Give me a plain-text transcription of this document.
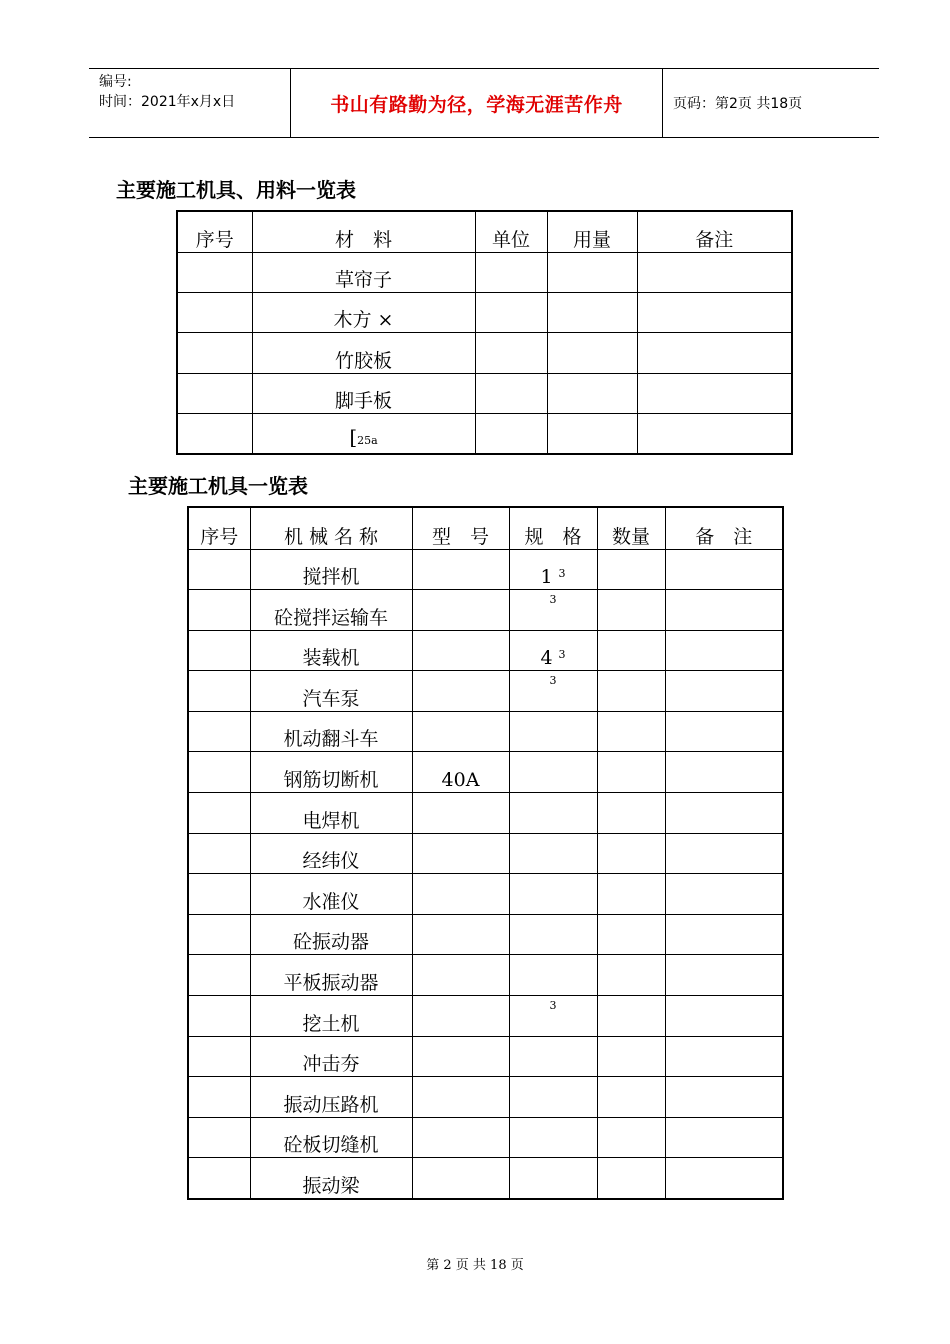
编号:
时间：2021年x月x日	书山有路勤为径，学海无涯苦作舟	页码：第2页 共18页
主要施工机具、用料一览表
序号	材　料	单位	用量	备注
	草帘子			
	木方 ×			
	竹胶板			
	脚手板			
	[25a			
主要施工机具一览表
序号	机 械 名 称	型　号	规　格	数量	备　注
	搅拌机		1 $^3$		
	砼搅拌运输车		$^3$		
	装载机		4 $^3$		
	汽车泵		$^3$		
	机动翻斗车				
	钢筋切断机	40A			
	电焊机				
	经纬仪				
	水准仪				
	砼振动器				
	平板振动器				
	挖土机		$^3$		
	冲击夯				
	振动压路机				
	砼板切缝机				
	振动梁				
第 2 页 共 18 页
